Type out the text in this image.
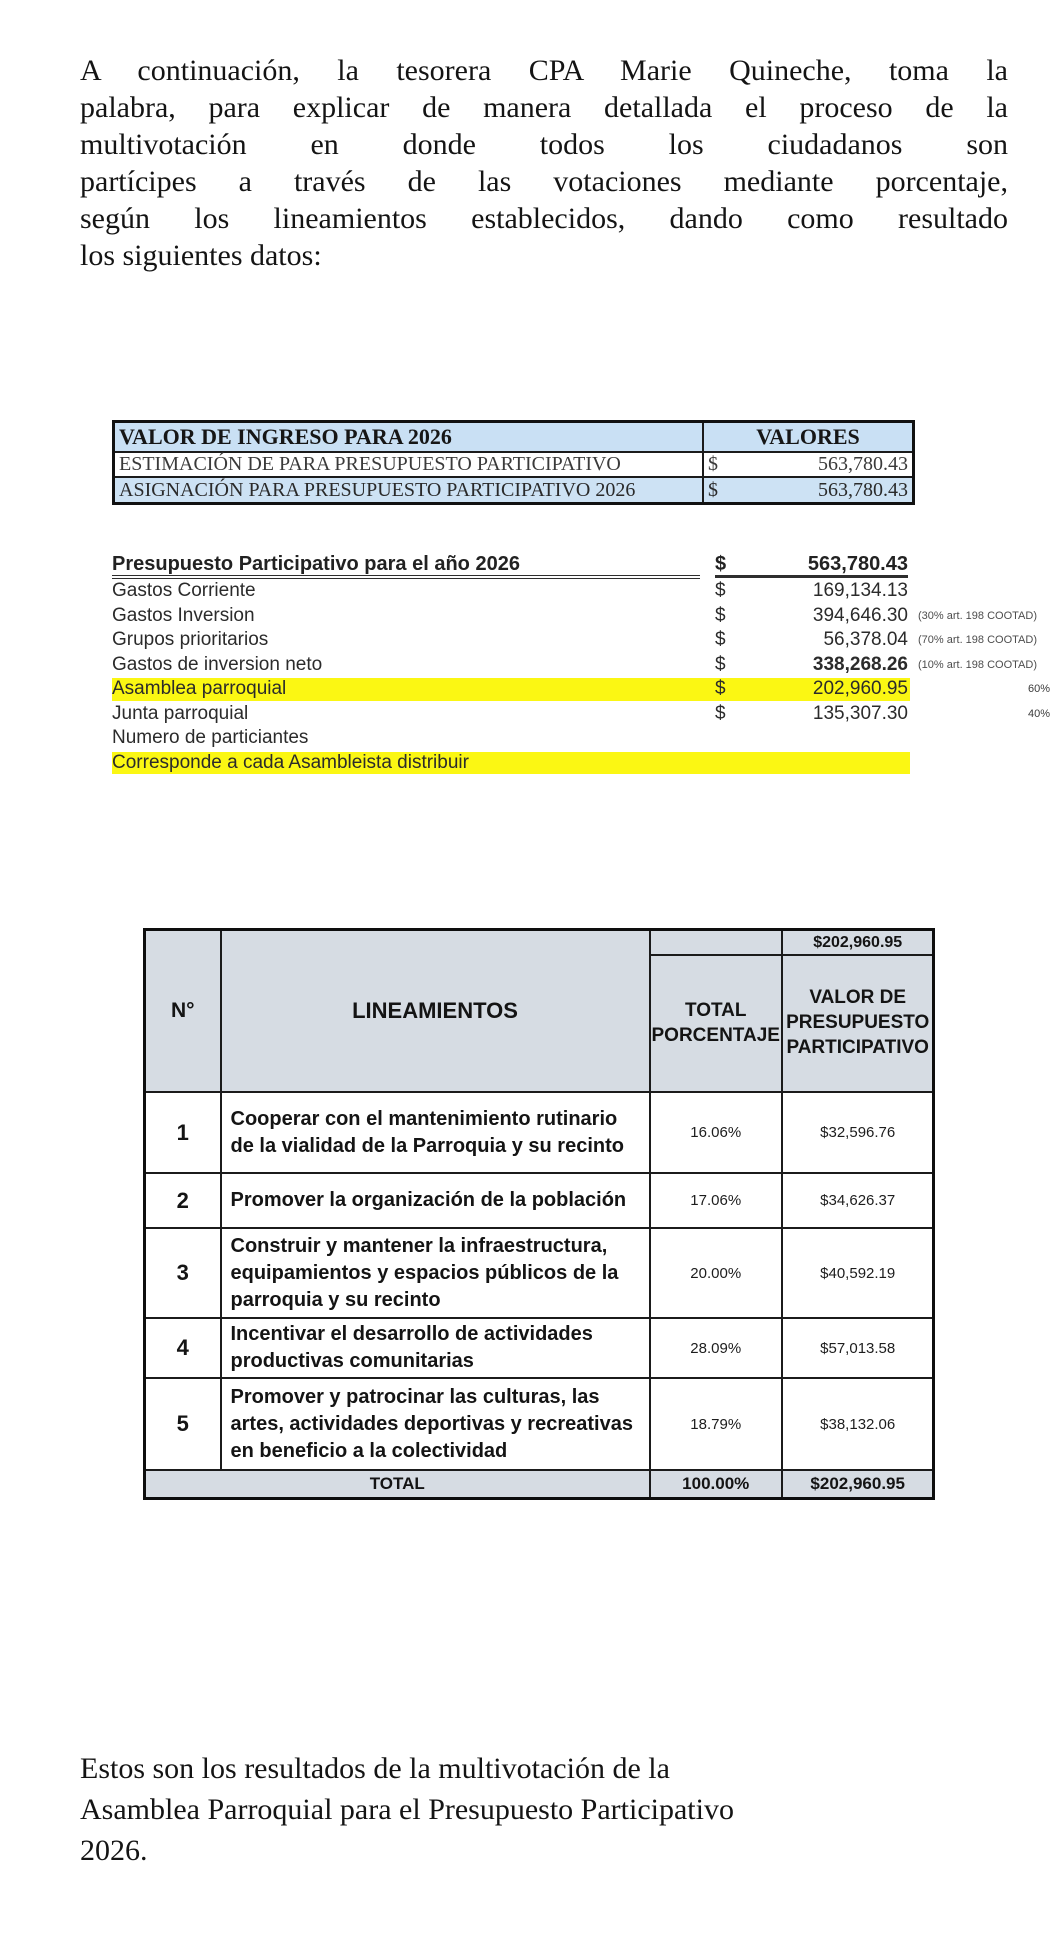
A continuación, la tesorera CPA Marie Quineche, toma la
palabra, para explicar de manera detallada el proceso de la
multivotación en donde todos los ciudadanos son
partícipes a través de las votaciones mediante porcentaje,
según los lineamientos establecidos, dando como resultado
los siguientes datos:
VALOR DE INGRESO PARA 2026	VALORES
ESTIMACIÓN DE PARA PRESUPUESTO PARTICIPATIVO	$ 563,780.43

ASIGNACIÓN PARA PRESUPUESTO PARTICIPATIVO 2026	$ 563,780.43
Presupuesto Participativo para el año 2026	$	563,780.43
Gastos Corriente	$	169,134.13
Gastos Inversion	$	394,646.30 (30% art. 198 COOTAD)
Grupos prioritarios	$	56,378.04 (70% art. 198 COOTAD)
Gastos de inversion neto	$	338,268.26 (10% art. 198 COOTAD)
Asamblea parroquial	$	202,960.95	60%
Junta parroquial	$	135,307.30	40%
Numero de particiantes
Corresponde a cada Asambleista distribuir
N°	LINEAMIENTOS		$202,960.95
		TOTAL PORCENTAJE	VALOR DE PRESUPUESTO PARTICIPATIVO
1	Cooperar con el mantenimiento rutinario de la vialidad de la Parroquia y su recinto	16.06%	$32,596.76
2	Promover la organización de la población	17.06%	$34,626.37
3	Construir y mantener la infraestructura, equipamientos y espacios públicos de la parroquia y su recinto	20.00%	$40,592.19
4	Incentivar el desarrollo de actividades productivas comunitarias	28.09%	$57,013.58
5	Promover y patrocinar las culturas, las artes, actividades deportivas y recreativas en beneficio a la colectividad	18.79%	$38,132.06
TOTAL		100.00%	$202,960.95
Estos son los resultados de la multivotación de la
Asamblea Parroquial para el Presupuesto Participativo
2026.
